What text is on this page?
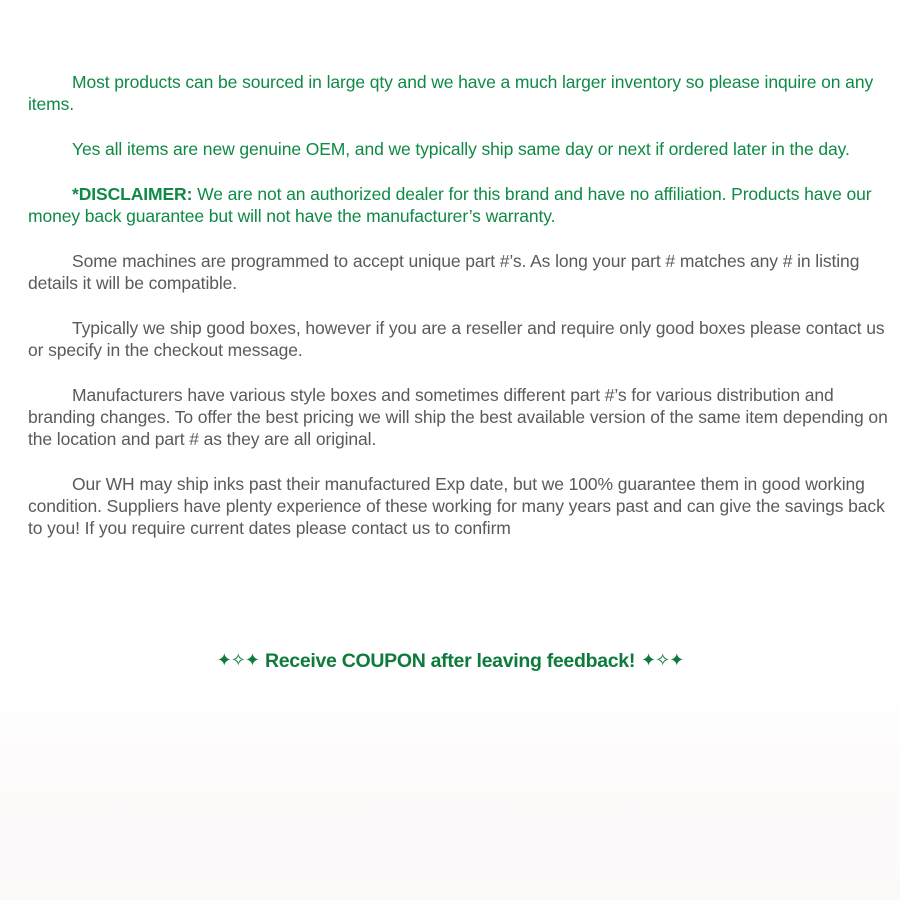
Most products can be sourced in large qty and we have a much larger inventory so please inquire on any items.

Yes all items are new genuine OEM, and we typically ship same day or next if ordered later in the day.

*DISCLAIMER: We are not an authorized dealer for this brand and have no affiliation. Products have our money back guarantee but will not have the manufacturer’s warranty.

Some machines are programmed to accept unique part #’s. As long your part # matches any # in listing details it will be compatible.

Typically we ship good boxes, however if you are a reseller and require only good boxes please contact us or specify in the checkout message.

Manufacturers have various style boxes and sometimes different part #’s for various distribution and branding changes. To offer the best pricing we will ship the best available version of the same item depending on the location and part # as they are all original.

Our WH may ship inks past their manufactured Exp date, but we 100% guarantee them in good working condition. Suppliers have plenty experience of these working for many years past and can give the savings back to you! If you require current dates please contact us to confirm

✦✧✦ Receive COUPON after leaving feedback! ✦✧✦
